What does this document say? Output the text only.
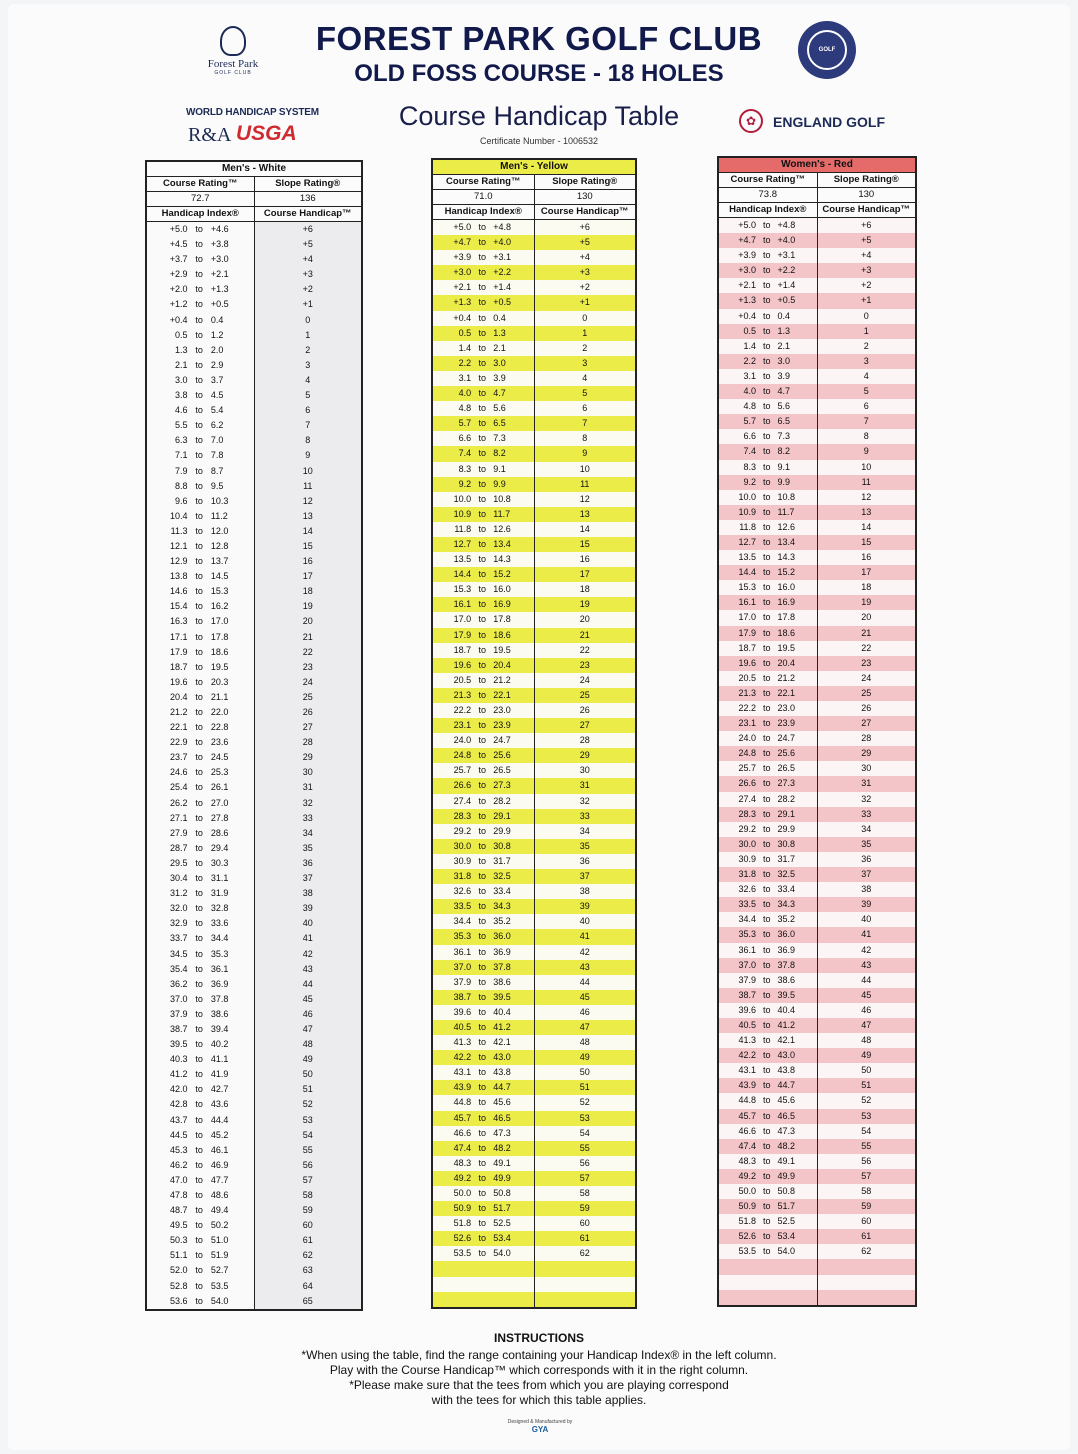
Forest Park
GOLF CLUB
FOREST PARK GOLF CLUB
OLD FOSS COURSE - 18 HOLES
GOLF
WORLD HANDICAP SYSTEM
R&A USGA
Course Handicap Table
Certificate Number - 1006532
✿	ENGLAND GOLF
Men's - White	
Course Rating™	Slope Rating®
72.7	136
Handicap Index®	Course Handicap™
+5.0 to +4.6	+6
+4.5 to +3.8	+5
+3.7 to +3.0	+4
+2.9 to +2.1	+3
+2.0 to +1.3	+2
+1.2 to +0.5	+1
+0.4 to 0.4	0
0.5 to 1.2	1
1.3 to 2.0	2
2.1 to 2.9	3
3.0 to 3.7	4
3.8 to 4.5	5
4.6 to 5.4	6
5.5 to 6.2	7
6.3 to 7.0	8
7.1 to 7.8	9
7.9 to 8.7	10
8.8 to 9.5	11
9.6 to 10.3	12
10.4 to 11.2	13
11.3 to 12.0	14
12.1 to 12.8	15
12.9 to 13.7	16
13.8 to 14.5	17
14.6 to 15.3	18
15.4 to 16.2	19
16.3 to 17.0	20
17.1 to 17.8	21
17.9 to 18.6	22
18.7 to 19.5	23
19.6 to 20.3	24
20.4 to 21.1	25
21.2 to 22.0	26
22.1 to 22.8	27
22.9 to 23.6	28
23.7 to 24.5	29
24.6 to 25.3	30
25.4 to 26.1	31
26.2 to 27.0	32
27.1 to 27.8	33
27.9 to 28.6	34
28.7 to 29.4	35
29.5 to 30.3	36
30.4 to 31.1	37
31.2 to 31.9	38
32.0 to 32.8	39
32.9 to 33.6	40
33.7 to 34.4	41
34.5 to 35.3	42
35.4 to 36.1	43
36.2 to 36.9	44
37.0 to 37.8	45
37.9 to 38.6	46
38.7 to 39.4	47
39.5 to 40.2	48
40.3 to 41.1	49
41.2 to 41.9	50
42.0 to 42.7	51
42.8 to 43.6	52
43.7 to 44.4	53
44.5 to 45.2	54
45.3 to 46.1	55
46.2 to 46.9	56
47.0 to 47.7	57
47.8 to 48.6	58
48.7 to 49.4	59
49.5 to 50.2	60
50.3 to 51.0	61
51.1 to 51.9	62
52.0 to 52.7	63
52.8 to 53.5	64
53.6 to 54.0	65
Men's - Yellow	
Course Rating™	Slope Rating®
71.0	130
Handicap Index®	Course Handicap™
+5.0 to +4.8	+6
+4.7 to +4.0	+5
+3.9 to +3.1	+4
+3.0 to +2.2	+3
+2.1 to +1.4	+2
+1.3 to +0.5	+1
+0.4 to 0.4	0
0.5 to 1.3	1
1.4 to 2.1	2
2.2 to 3.0	3
3.1 to 3.9	4
4.0 to 4.7	5
4.8 to 5.6	6
5.7 to 6.5	7
6.6 to 7.3	8
7.4 to 8.2	9
8.3 to 9.1	10
9.2 to 9.9	11
10.0 to 10.8	12
10.9 to 11.7	13
11.8 to 12.6	14
12.7 to 13.4	15
13.5 to 14.3	16
14.4 to 15.2	17
15.3 to 16.0	18
16.1 to 16.9	19
17.0 to 17.8	20
17.9 to 18.6	21
18.7 to 19.5	22
19.6 to 20.4	23
20.5 to 21.2	24
21.3 to 22.1	25
22.2 to 23.0	26
23.1 to 23.9	27
24.0 to 24.7	28
24.8 to 25.6	29
25.7 to 26.5	30
26.6 to 27.3	31
27.4 to 28.2	32
28.3 to 29.1	33
29.2 to 29.9	34
30.0 to 30.8	35
30.9 to 31.7	36
31.8 to 32.5	37
32.6 to 33.4	38
33.5 to 34.3	39
34.4 to 35.2	40
35.3 to 36.0	41
36.1 to 36.9	42
37.0 to 37.8	43
37.9 to 38.6	44
38.7 to 39.5	45
39.6 to 40.4	46
40.5 to 41.2	47
41.3 to 42.1	48
42.2 to 43.0	49
43.1 to 43.8	50
43.9 to 44.7	51
44.8 to 45.6	52
45.7 to 46.5	53
46.6 to 47.3	54
47.4 to 48.2	55
48.3 to 49.1	56
49.2 to 49.9	57
50.0 to 50.8	58
50.9 to 51.7	59
51.8 to 52.5	60
52.6 to 53.4	61
53.5 to 54.0	62

Women's - Red	
Course Rating™	Slope Rating®
73.8	130
Handicap Index®	Course Handicap™
+5.0 to +4.8	+6
+4.7 to +4.0	+5
+3.9 to +3.1	+4
+3.0 to +2.2	+3
+2.1 to +1.4	+2
+1.3 to +0.5	+1
+0.4 to 0.4	0
0.5 to 1.3	1
1.4 to 2.1	2
2.2 to 3.0	3
3.1 to 3.9	4
4.0 to 4.7	5
4.8 to 5.6	6
5.7 to 6.5	7
6.6 to 7.3	8
7.4 to 8.2	9
8.3 to 9.1	10
9.2 to 9.9	11
10.0 to 10.8	12
10.9 to 11.7	13
11.8 to 12.6	14
12.7 to 13.4	15
13.5 to 14.3	16
14.4 to 15.2	17
15.3 to 16.0	18
16.1 to 16.9	19
17.0 to 17.8	20
17.9 to 18.6	21
18.7 to 19.5	22
19.6 to 20.4	23
20.5 to 21.2	24
21.3 to 22.1	25
22.2 to 23.0	26
23.1 to 23.9	27
24.0 to 24.7	28
24.8 to 25.6	29
25.7 to 26.5	30
26.6 to 27.3	31
27.4 to 28.2	32
28.3 to 29.1	33
29.2 to 29.9	34
30.0 to 30.8	35
30.9 to 31.7	36
31.8 to 32.5	37
32.6 to 33.4	38
33.5 to 34.3	39
34.4 to 35.2	40
35.3 to 36.0	41
36.1 to 36.9	42
37.0 to 37.8	43
37.9 to 38.6	44
38.7 to 39.5	45
39.6 to 40.4	46
40.5 to 41.2	47
41.3 to 42.1	48
42.2 to 43.0	49
43.1 to 43.8	50
43.9 to 44.7	51
44.8 to 45.6	52
45.7 to 46.5	53
46.6 to 47.3	54
47.4 to 48.2	55
48.3 to 49.1	56
49.2 to 49.9	57
50.0 to 50.8	58
50.9 to 51.7	59
51.8 to 52.5	60
52.6 to 53.4	61
53.5 to 54.0	62

INSTRUCTIONS
*When using the table, find the range containing your Handicap Index® in the left column.
Play with the Course Handicap™ which corresponds with it in the right column.
*Please make sure that the tees from which you are playing correspond
with the tees for which this table applies.
Designed & Manufactured by
GYA
